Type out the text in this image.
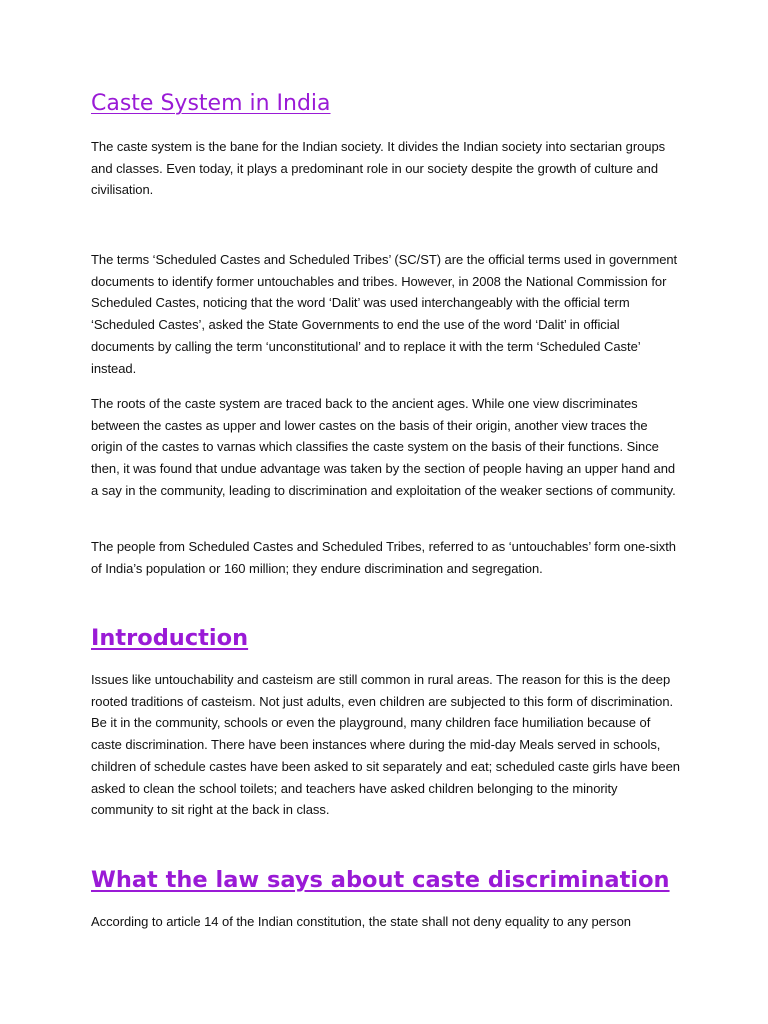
Caste System in India

The caste system is the bane for the Indian society. It divides the Indian society into sectarian groups and classes. Even today, it plays a predominant role in our society despite the growth of culture and civilisation.

The terms ‘Scheduled Castes and Scheduled Tribes’ (SC/ST) are the official terms used in government documents to identify former untouchables and tribes. However, in 2008 the National Commission for Scheduled Castes, noticing that the word ‘Dalit’ was used interchangeably with the official term ‘Scheduled Castes’, asked the State Governments to end the use of the word ‘Dalit’ in official documents by calling the term ‘unconstitutional’ and to replace it with the term ‘Scheduled Caste’ instead.

The roots of the caste system are traced back to the ancient ages. While one view discriminates between the castes as upper and lower castes on the basis of their origin, another view traces the origin of the castes to varnas which classifies the caste system on the basis of their functions. Since then, it was found that undue advantage was taken by the section of people having an upper hand and a say in the community, leading to discrimination and exploitation of the weaker sections of community.

The people from Scheduled Castes and Scheduled Tribes, referred to as ‘untouchables’ form one-sixth of India’s population or 160 million; they endure discrimination and segregation.

Introduction

Issues like untouchability and casteism are still common in rural areas. The reason for this is the deep rooted traditions of casteism. Not just adults, even children are subjected to this form of discrimination. Be it in the community, schools or even the playground, many children face humiliation because of caste discrimination. There have been instances where during the mid-day Meals served in schools, children of schedule castes have been asked to sit separately and eat; scheduled caste girls have been asked to clean the school toilets; and teachers have asked children belonging to the minority community to sit right at the back in class.

What the law says about caste discrimination

According to article 14 of the Indian constitution, the state shall not deny equality to any person
